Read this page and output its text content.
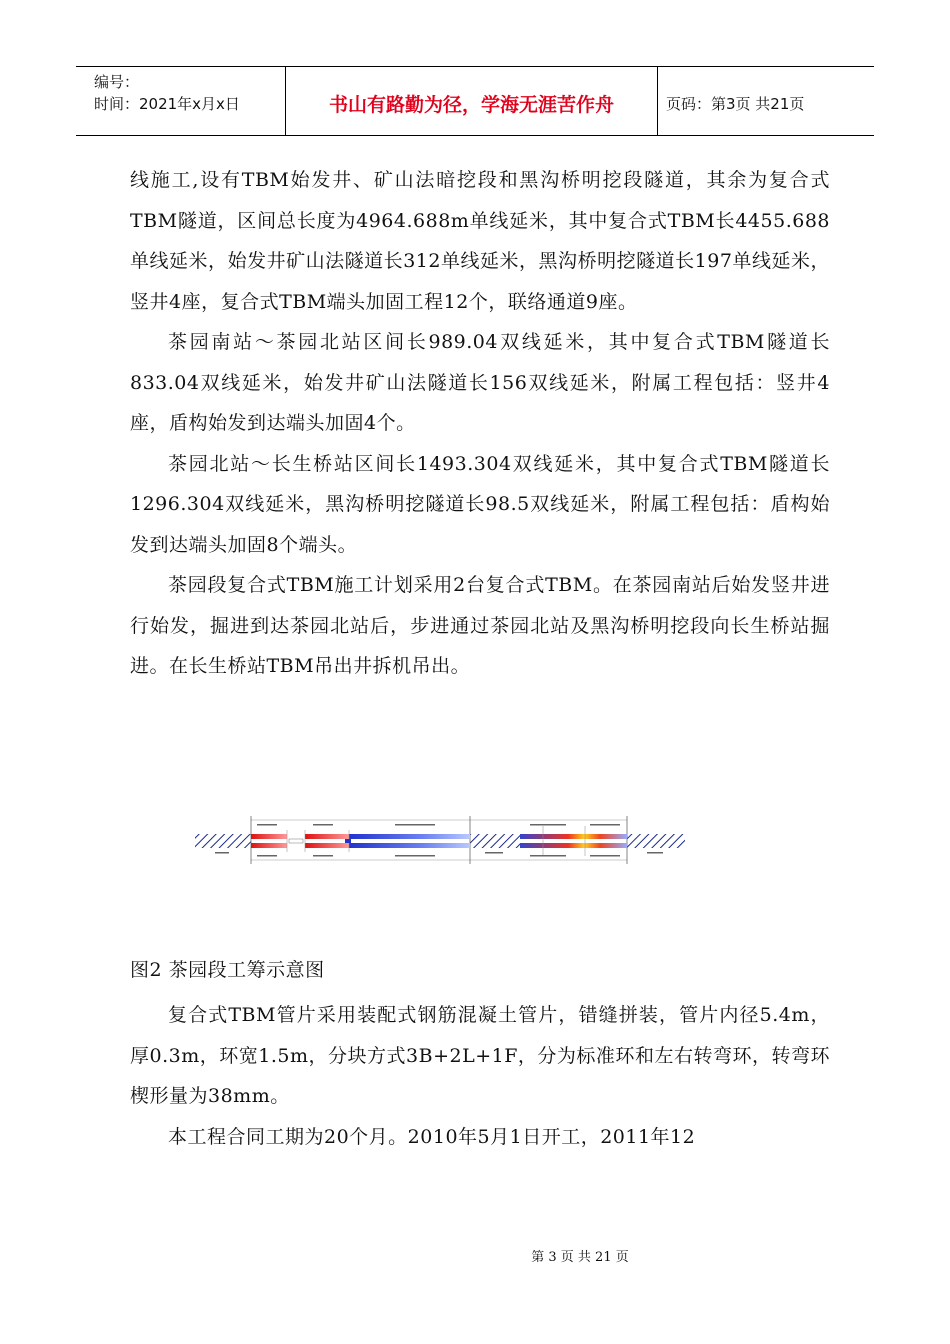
编号：
时间：2021年x月x日	书山有路勤为径，学海无涯苦作舟	页码：第3页 共21页

线施工,设有TBM始发井、矿山法暗挖段和黑沟桥明挖段隧道，其余为复合式TBM隧道，区间总长度为4964.688m单线延米，其中复合式TBM长4455.688单线延米，始发井矿山法隧道长312单线延米，黑沟桥明挖隧道长197单线延米，竖井4座，复合式TBM端头加固工程12个，联络通道9座。

茶园南站～茶园北站区间长989.04双线延米，其中复合式TBM隧道长833.04双线延米，始发井矿山法隧道长156双线延米，附属工程包括：竖井4座，盾构始发到达端头加固4个。

茶园北站～长生桥站区间长1493.304双线延米，其中复合式TBM隧道长1296.304双线延米，黑沟桥明挖隧道长98.5双线延米，附属工程包括：盾构始发到达端头加固8个端头。

茶园段复合式TBM施工计划采用2台复合式TBM。在茶园南站后始发竖井进行始发，掘进到达茶园北站后，步进通过茶园北站及黑沟桥明挖段向长生桥站掘进。在长生桥站TBM吊出井拆机吊出。

图2 茶园段工筹示意图

复合式TBM管片采用装配式钢筋混凝土管片，错缝拼装，管片内径5.4m，厚0.3m，环宽1.5m，分块方式3B+2L+1F，分为标准环和左右转弯环，转弯环楔形量为38mm。

本工程合同工期为20个月。2010年5月1日开工，2011年12

第 3 页 共 21 页
